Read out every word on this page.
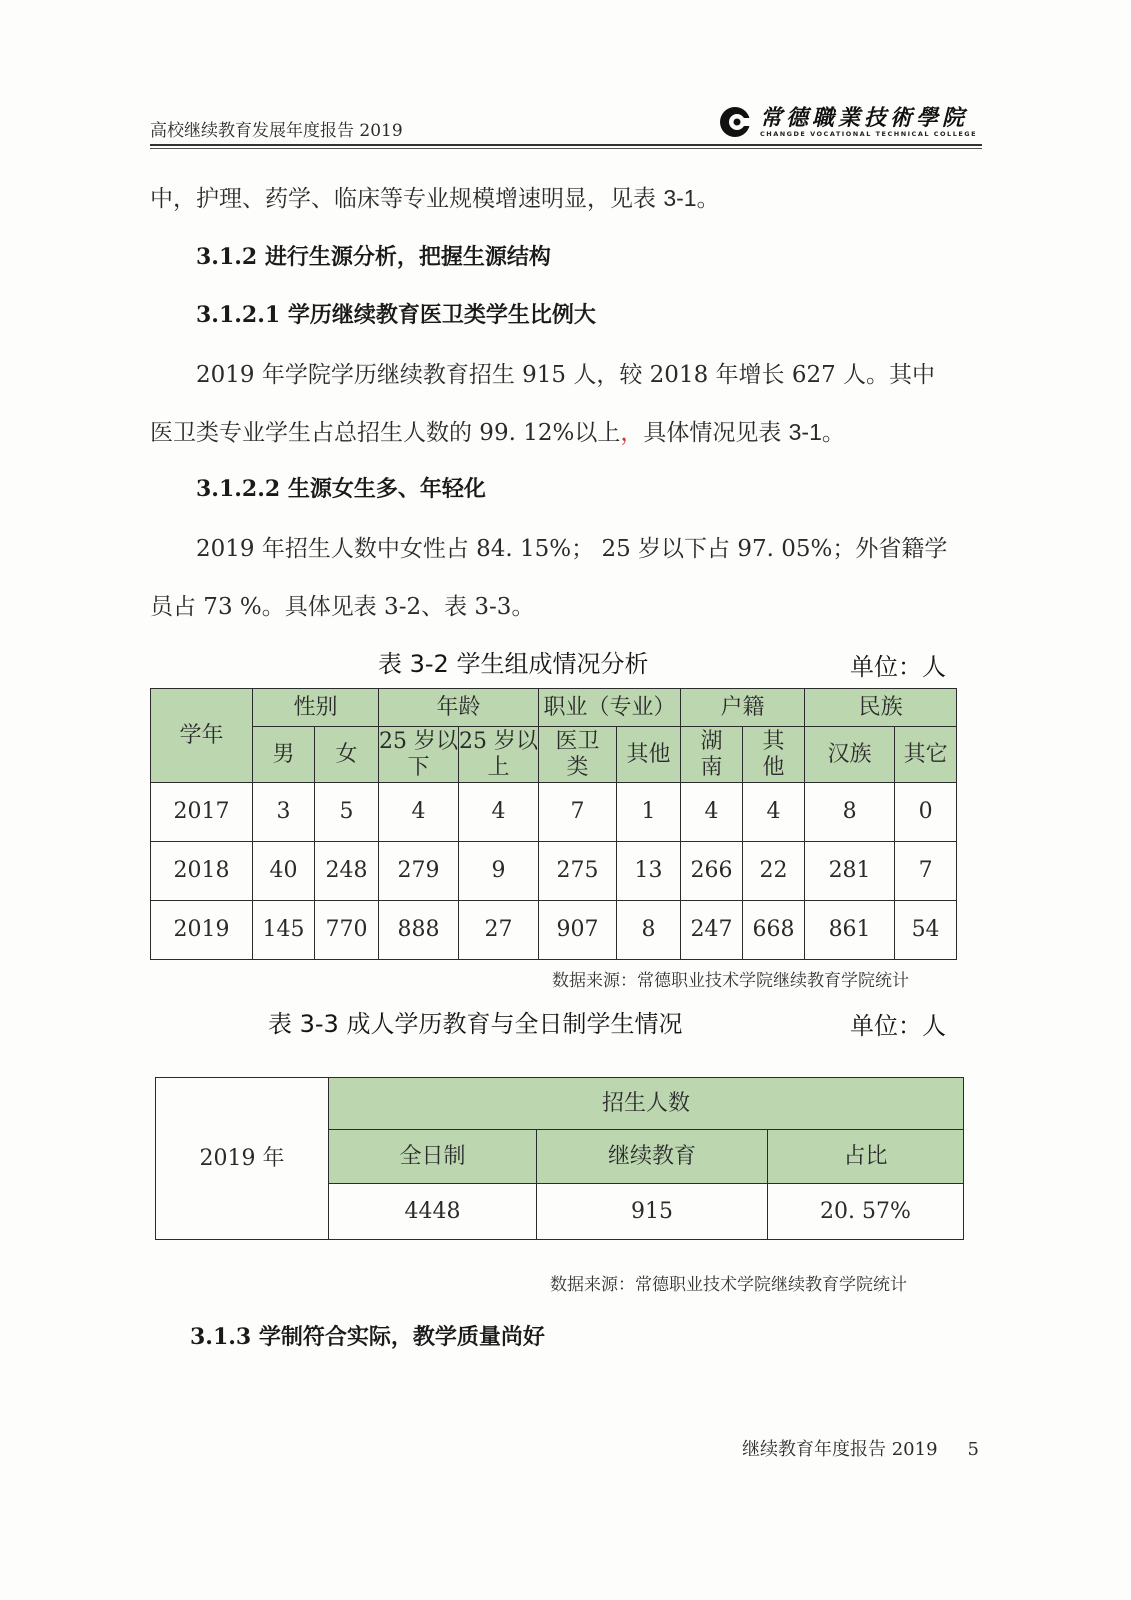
高校继续教育发展年度报告 2019	常德職業技術學院
CHANGDE VOCATIONAL TECHNICAL COLLEGE
中，护理、药学、临床等专业规模增速明显，见表 3-1。
3.1.2 进行生源分析，把握生源结构
3.1.2.1 学历继续教育医卫类学生比例大
2019 年学院学历继续教育招生 915 人，较 2018 年增长 627 人。其中
医卫类专业学生占总招生人数的 99. 12%以上，具体情况见表 3-1。
3.1.2.2 生源女生多、年轻化
2019 年招生人数中女性占 84. 15%； 25 岁以下占 97. 05%；外省籍学
员占 73 %。具体见表 3-2、表 3-3。
表 3-2 学生组成情况分析	单位：人
学年	性别		年龄		职业（专业）		户籍		民族	
	男	女	25 岁以下	25 岁以上	医卫类	其他	湖南	其他	汉族	其它
2017	3	5	4	4	7	1	4	4	8	0
2018	40	248	279	9	275	13	266	22	281	7
2019	145	770	888	27	907	8	247	668	861	54
数据来源：常德职业技术学院继续教育学院统计
表 3-3 成人学历教育与全日制学生情况	单位：人
2019 年	招生人数		
	全日制	继续教育	占比
	4448	915	20. 57%
数据来源：常德职业技术学院继续教育学院统计
3.1.3 学制符合实际，教学质量尚好
继续教育年度报告 2019 5
